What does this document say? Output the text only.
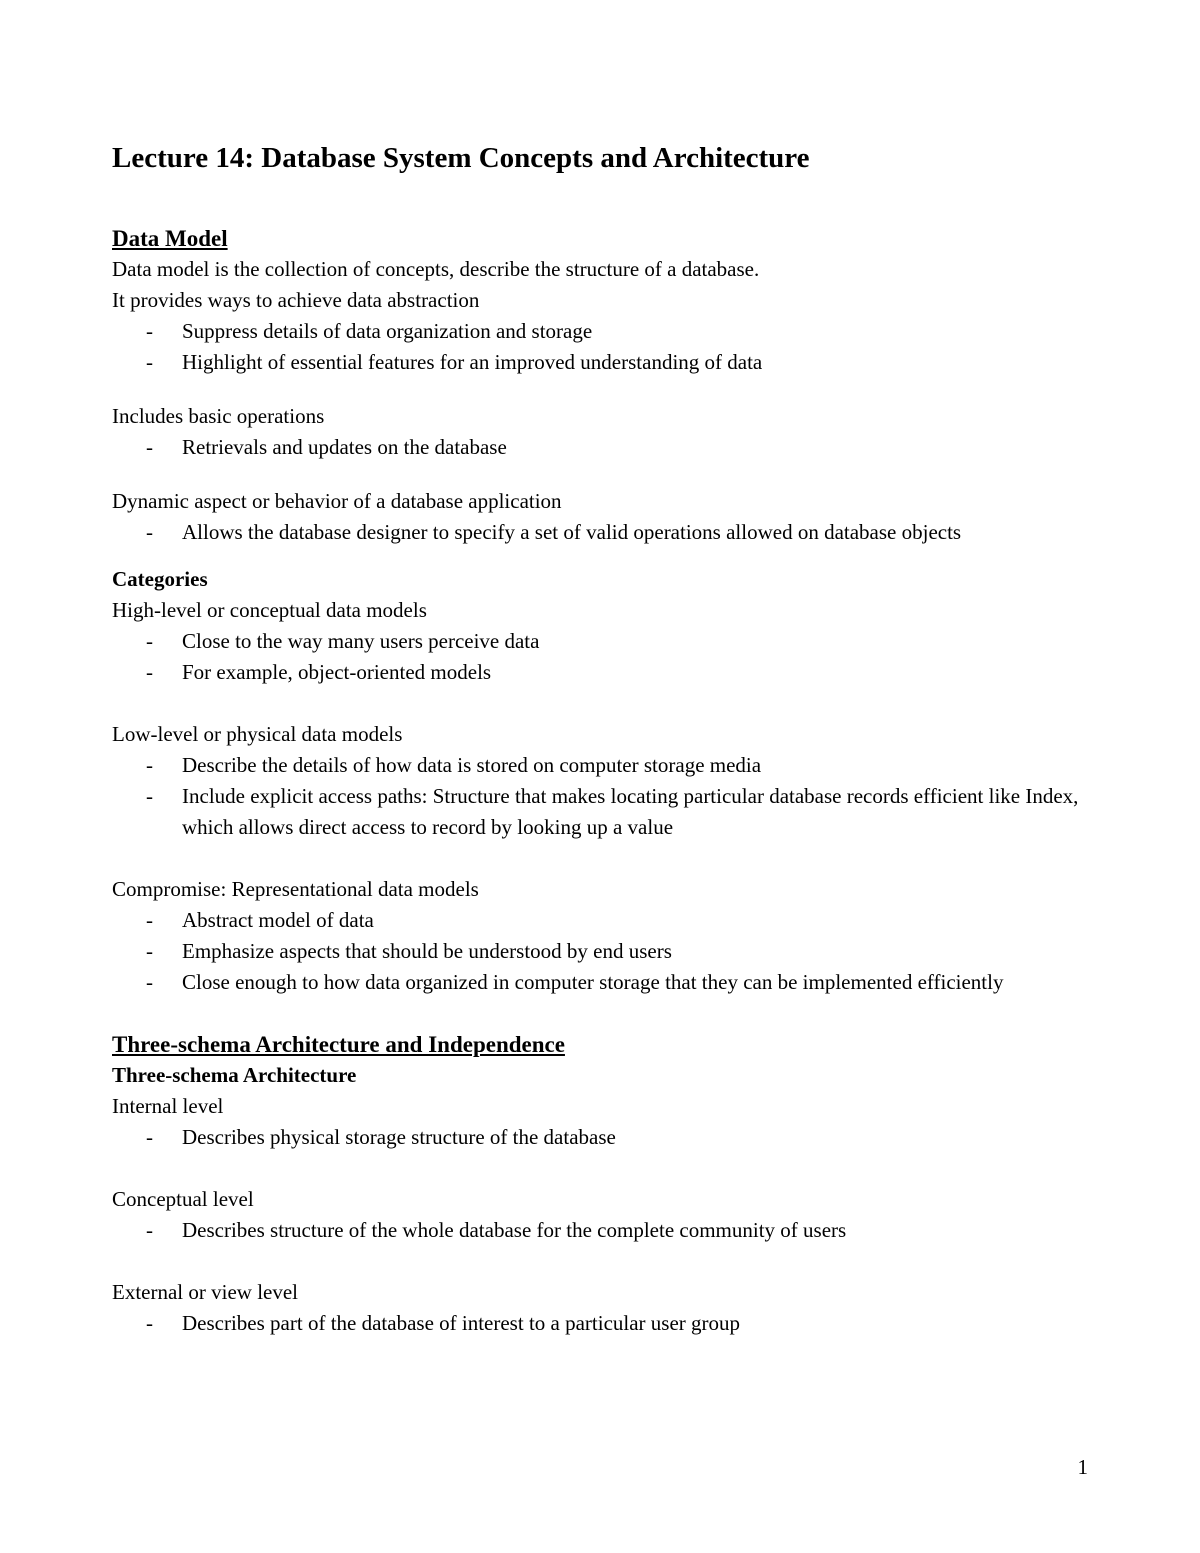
Lecture 14: Database System Concepts and Architecture
Data Model

Data model is the collection of concepts, describe the structure of a database.

It provides ways to achieve data abstraction

- Suppress details of data organization and storage
- Highlight of essential features for an improved understanding of data

Includes basic operations

- Retrievals and updates on the database

Dynamic aspect or behavior of a database application

- Allows the database designer to specify a set of valid operations allowed on database objects
Categories

High-level or conceptual data models

- Close to the way many users perceive data
- For example, object-oriented models

Low-level or physical data models

- Describe the details of how data is stored on computer storage media
- Include explicit access paths: Structure that makes locating particular database records efficient like Index, which allows direct access to record by looking up a value

Compromise: Representational data models

- Abstract model of data
- Emphasize aspects that should be understood by end users
- Close enough to how data organized in computer storage that they can be implemented efficiently
Three-schema Architecture and Independence
Three-schema Architecture

Internal level

- Describes physical storage structure of the database

Conceptual level

- Describes structure of the whole database for the complete community of users

External or view level

- Describes part of the database of interest to a particular user group
1
